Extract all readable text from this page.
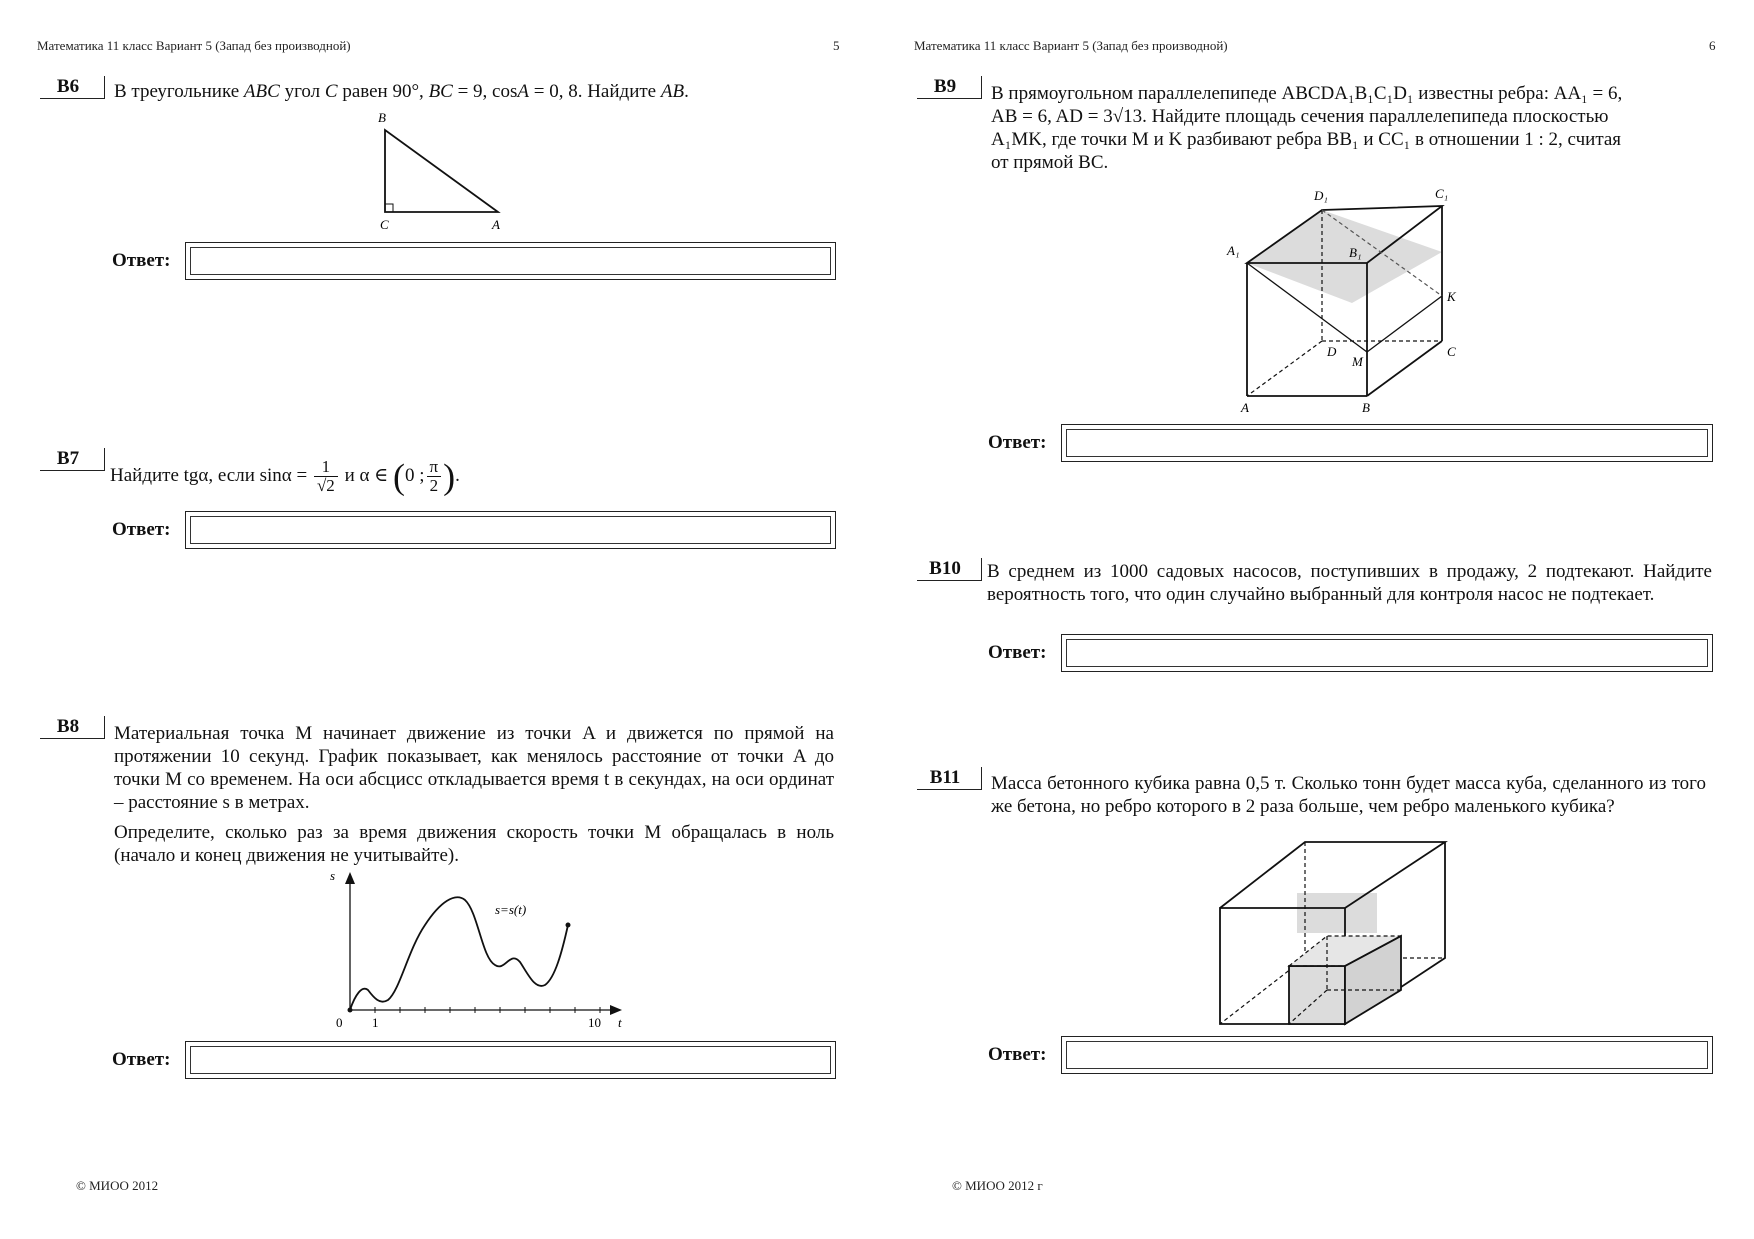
Математика 11 класс Вариант 5 (Запад без производной)	5
B6	В треугольнике ABC угол C равен 90°, BC = 9, cosA = 0, 8. Найдите AB.
B
C	A
Ответ:
B7
Найдите tgα, если $\sin\alpha = \frac{1}{√2}$ и α ∈ (0 ; $\frac{\pi}{2}$ ).
Ответ:
B8	Материальная точка M начинает движение из точки A и движется по прямой на протяжении 10 секунд. График показывает, как менялось расстояние от точки A до точки M со временем. На оси абсцисс откладывается время t в секундах, на оси ординат – расстояние s в метрах.
Определите, сколько раз за время движения скорость точки M обращалась в ноль (начало и конец движения не учитывайте).
s
t
s=s(t)
0 1	10
Ответ:
© МИОО 2012
Математика 11 класс Вариант 5 (Запад без производной)	6
B9	В прямоугольном параллелепипеде ABCDA₁B₁C₁D₁ известны ребра: AA₁ = 6,
AB = 6, AD = 3√13. Найдите площадь сечения параллелепипеда плоскостью
A₁MK, где точки M и K разбивают ребра BB₁ и CC₁ в отношении 1 : 2, считая
от прямой BC.
D₁	C₁
A₁	B₁
K
D
M
C
A	B
Ответ:
B10	В среднем из 1000 садовых насосов, поступивших в продажу, 2 подтекают. Найдите вероятность того, что один случайно выбранный для контроля насос не подтекает.
Ответ:
B11	Масса бетонного кубика равна 0,5 т. Сколько тонн будет масса куба, сделанного из того же бетона, но ребро которого в 2 раза больше, чем ребро маленького кубика?
Ответ:
© МИОО 2012 г
